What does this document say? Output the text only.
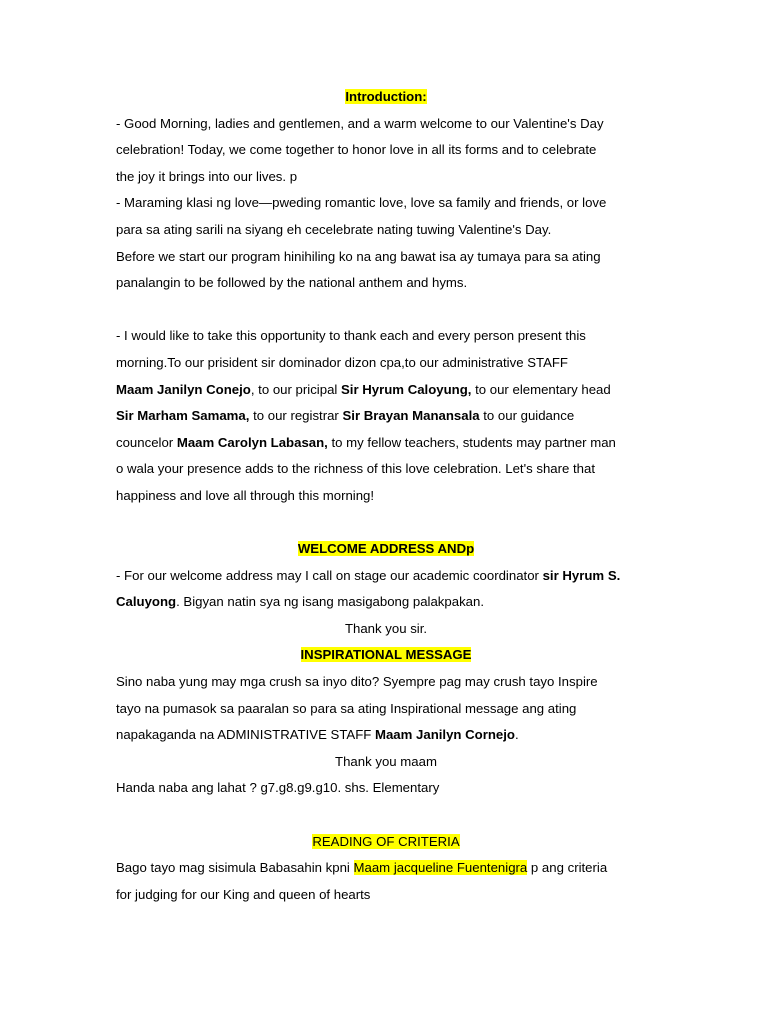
Introduction:
- Good Morning, ladies and gentlemen, and a warm welcome to our Valentine's Day
celebration! Today, we come together to honor love in all its forms and to celebrate
the joy it brings into our lives. p
- Maraming klasi ng love—pweding romantic love, love sa family and friends, or love
para sa ating sarili na siyang eh cecelebrate nating tuwing Valentine's Day.
Before we start our program hinihiling ko na ang bawat isa ay tumaya para sa ating
panalangin to be followed by the national anthem and hyms.
- I would like to take this opportunity to thank each and every person present this
morning.To our prisident sir dominador dizon cpa,to our administrative STAFF
Maam Janilyn Conejo, to our pricipal Sir Hyrum Caloyung, to our elementary head
Sir Marham Samama, to our registrar Sir Brayan Manansala to our guidance
councelor Maam Carolyn Labasan, to my fellow teachers, students may partner man
o wala your presence adds to the richness of this love celebration. Let's share that
happiness and love all through this morning!
WELCOME ADDRESS ANDp
- For our welcome address may I call on stage our academic coordinator sir Hyrum S.
Caluyong. Bigyan natin sya ng isang masigabong palakpakan.
Thank you sir.
INSPIRATIONAL MESSAGE
Sino naba yung may mga crush sa inyo dito? Syempre pag may crush tayo Inspire
tayo na pumasok sa paaralan so para sa ating Inspirational message ang ating
napakaganda na ADMINISTRATIVE STAFF Maam Janilyn Cornejo.
Thank you maam
Handa naba ang lahat ? g7.g8.g9.g10. shs. Elementary
READING OF CRITERIA
Bago tayo mag sisimula Babasahin kpni Maam jacqueline Fuentenigra p ang criteria
for judging for our King and queen of hearts
